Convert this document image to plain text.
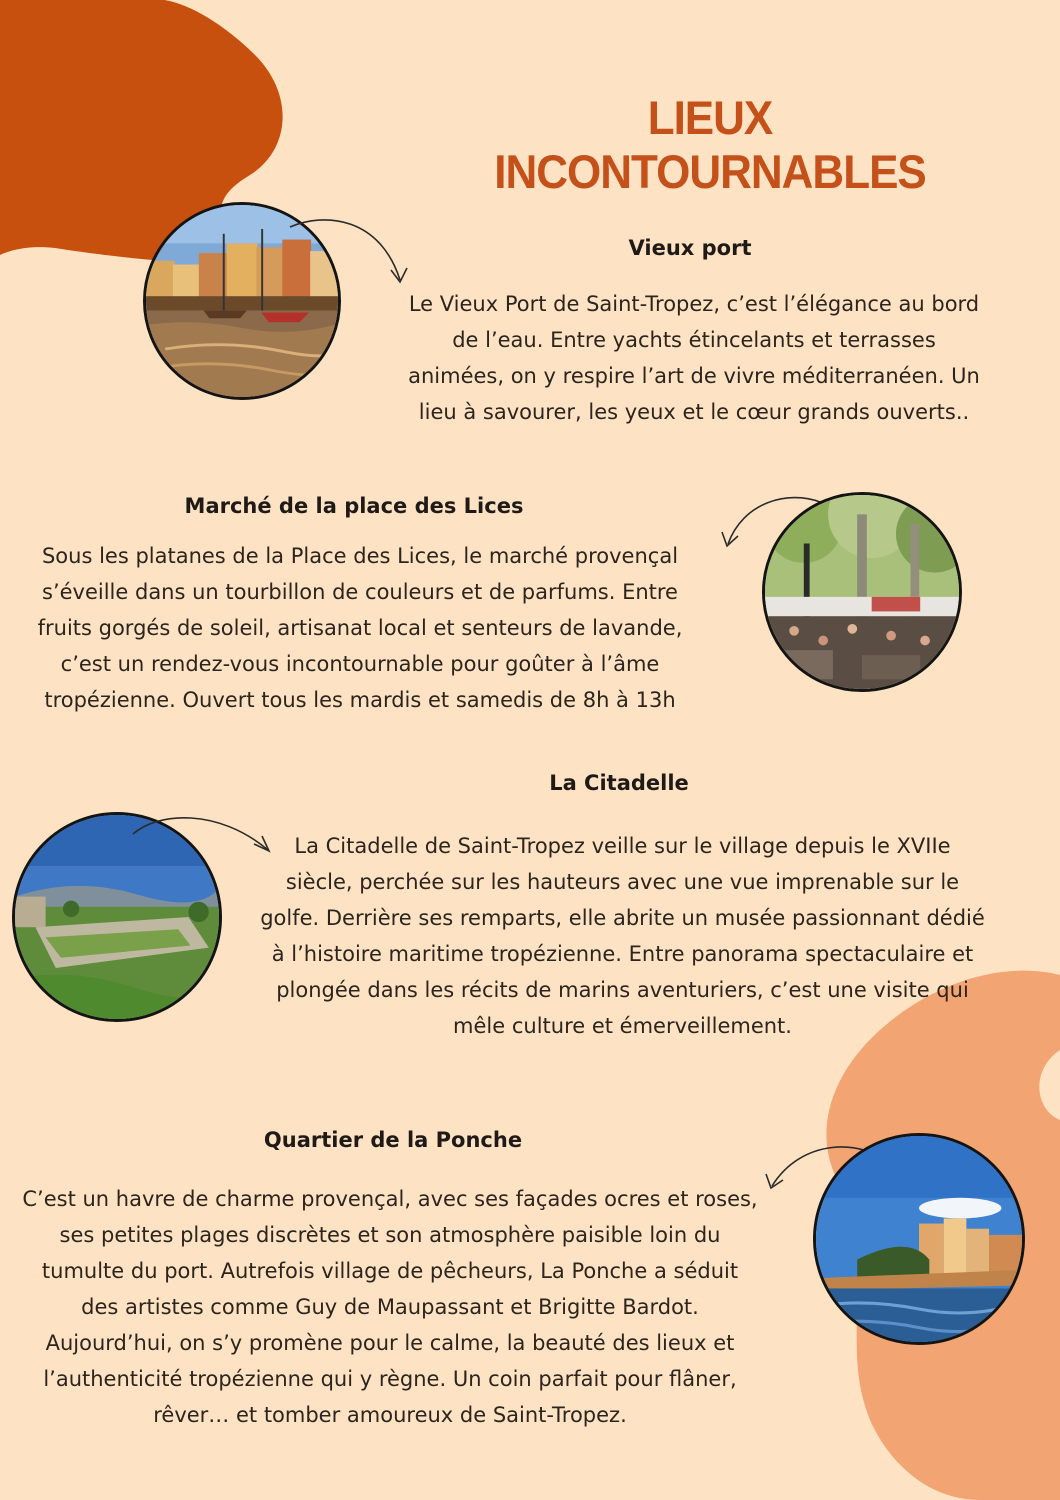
LIEUX INCONTOURNABLES
Vieux port
Le Vieux Port de Saint-Tropez, c’est l’élégance au bord de l’eau. Entre yachts étincelants et terrasses animées, on y respire l’art de vivre méditerranéen. Un lieu à savourer, les yeux et le cœur grands ouverts..
Marché de la place des Lices
Sous les platanes de la Place des Lices, le marché provençal s’éveille dans un tourbillon de couleurs et de parfums. Entre fruits gorgés de soleil, artisanat local et senteurs de lavande, c’est un rendez-vous incontournable pour goûter à l’âme tropézienne. Ouvert tous les mardis et samedis de 8h à 13h
La Citadelle
La Citadelle de Saint-Tropez veille sur le village depuis le XVIIe siècle, perchée sur les hauteurs avec une vue imprenable sur le golfe. Derrière ses remparts, elle abrite un musée passionnant dédié à l’histoire maritime tropézienne. Entre panorama spectaculaire et plongée dans les récits de marins aventuriers, c’est une visite qui mêle culture et émerveillement.
Quartier de la Ponche
C’est un havre de charme provençal, avec ses façades ocres et roses, ses petites plages discrètes et son atmosphère paisible loin du tumulte du port. Autrefois village de pêcheurs, La Ponche a séduit des artistes comme Guy de Maupassant et Brigitte Bardot. Aujourd’hui, on s’y promène pour le calme, la beauté des lieux et l’authenticité tropézienne qui y règne. Un coin parfait pour flâner, rêver… et tomber amoureux de Saint-Tropez.
